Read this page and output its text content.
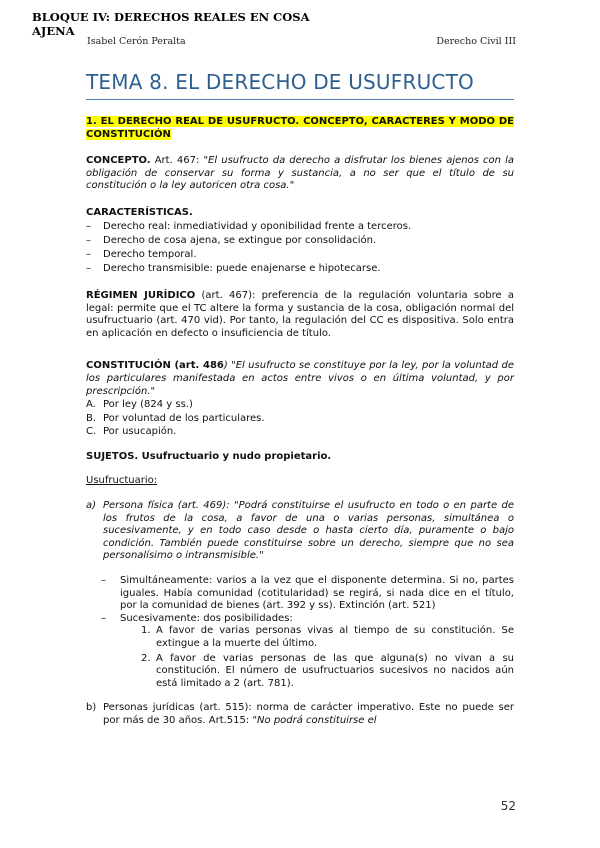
BLOQUE IV: DERECHOS REALES EN COSA AJENA
Isabel Cerón Peralta	Derecho Civil III
TEMA 8. EL DERECHO DE USUFRUCTO

1. EL DERECHO REAL DE USUFRUCTO. CONCEPTO, CARACTERES Y MODO DE CONSTITUCIÓN

CONCEPTO. Art. 467: "El usufructo da derecho a disfrutar los bienes ajenos con la obligación de conservar su forma y sustancia, a no ser que el título de su constitución o la ley autoricen otra cosa."

CARACTERÍSTICAS.

– Derecho real: inmediatividad y oponibilidad frente a terceros.
– Derecho de cosa ajena, se extingue por consolidación.
– Derecho temporal.
– Derecho transmisible: puede enajenarse e hipotecarse.

RÉGIMEN JURÍDICO (art. 467): preferencia de la regulación voluntaria sobre a legal: permite que el TC altere la forma y sustancia de la cosa, obligación normal del usufructuario (art. 470 vid). Por tanto, la regulación del CC es dispositiva. Solo entra en aplicación en defecto o insuficiencia de título.

CONSTITUCIÓN (art. 486) "El usufructo se constituye por la ley, por la voluntad de los particulares manifestada en actos entre vivos o en última voluntad, y por prescripción."

A. Por ley (824 y ss.)
B. Por voluntad de los particulares.
C. Por usucapión.

SUJETOS. Usufructuario y nudo propietario.

Usufructuario:

a) Persona física (art. 469): "Podrá constituirse el usufructo en todo o en parte de los frutos de la cosa, a favor de una o varias personas, simultánea o sucesivamente, y en todo caso desde o hasta cierto día, puramente o bajo condición. También puede constituirse sobre un derecho, siempre que no sea personalísimo o intransmisible."
– Simultáneamente: varios a la vez que el disponente determina. Si no, partes iguales. Había comunidad (cotitularidad) se regirá, si nada dice en el título, por la comunidad de bienes (art. 392 y ss). Extinción (art. 521)
– Sucesivamente: dos posibilidades:
1. A favor de varias personas vivas al tiempo de su constitución. Se extingue a la muerte del último.
2. A favor de varias personas de las que alguna(s) no vivan a su constitución. El número de usufructuarios sucesivos no nacidos aún está limitado a 2 (art. 781).
b) Personas jurídicas (art. 515): norma de carácter imperativo. Este no puede ser por más de 30 años. Art.515: "No podrá constituirse el
52
